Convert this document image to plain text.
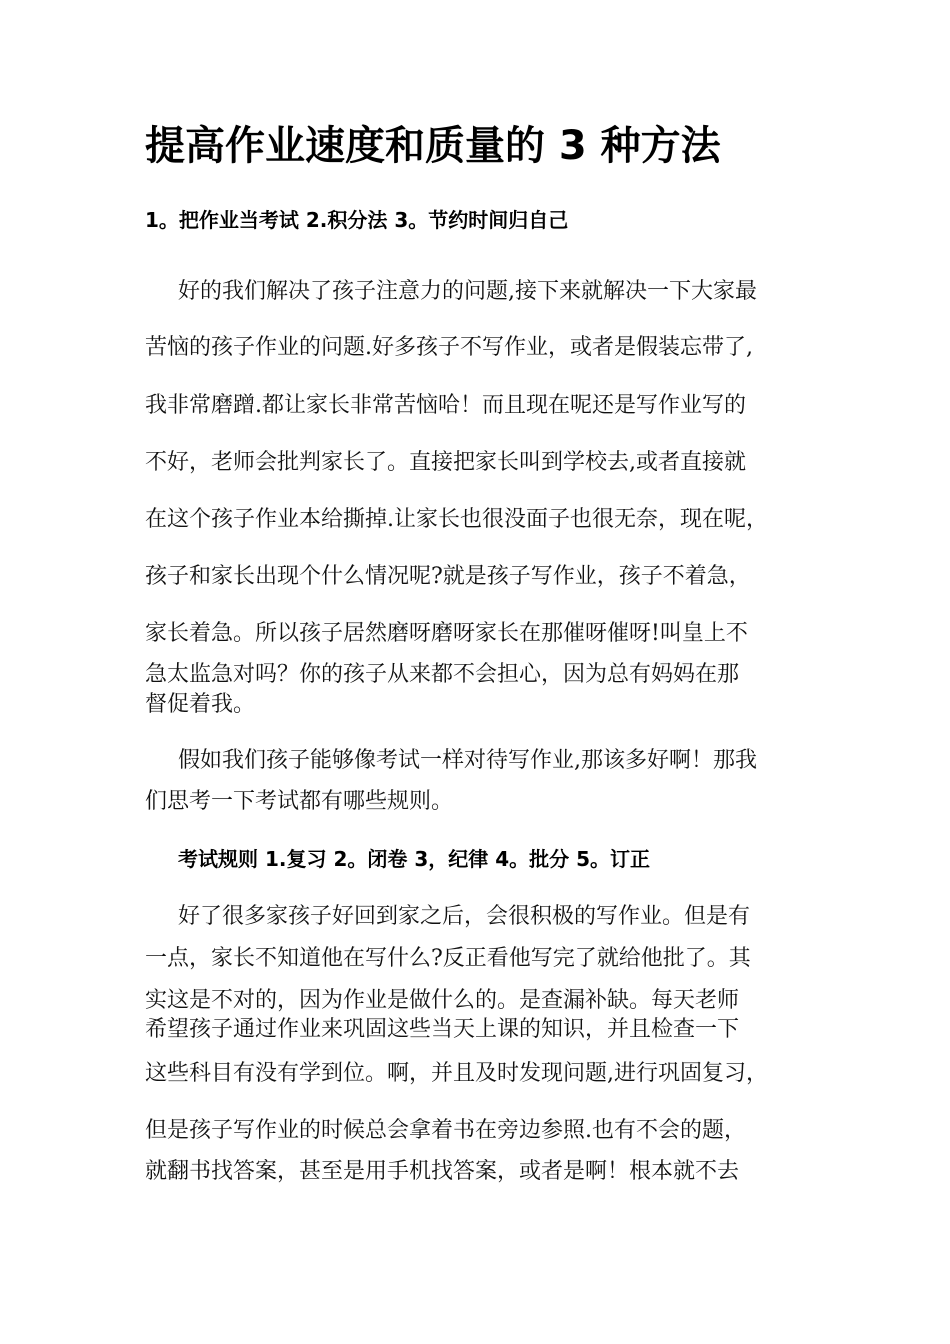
提高作业速度和质量的 3 种方法

1。把作业当考试 2.积分法 3。节约时间归自己

好的我们解决了孩子注意力的问题,接下来就解决一下大家最

苦恼的孩子作业的问题.好多孩子不写作业，或者是假装忘带了,

我非常磨蹭.都让家长非常苦恼哈！而且现在呢还是写作业写的

不好，老师会批判家长了。直接把家长叫到学校去,或者直接就

在这个孩子作业本给撕掉.让家长也很没面子也很无奈，现在呢，

孩子和家长出现个什么情况呢?就是孩子写作业，孩子不着急，

家长着急。所以孩子居然磨呀磨呀家长在那催呀催呀!叫皇上不

急太监急对吗？你的孩子从来都不会担心，因为总有妈妈在那

督促着我。

假如我们孩子能够像考试一样对待写作业,那该多好啊！那我

们思考一下考试都有哪些规则。

考试规则 1.复习 2。闭卷 3，纪律 4。批分 5。订正

好了很多家孩子好回到家之后，会很积极的写作业。但是有

一点，家长不知道他在写什么?反正看他写完了就给他批了。其

实这是不对的，因为作业是做什么的。是查漏补缺。每天老师

希望孩子通过作业来巩固这些当天上课的知识，并且检查一下

这些科目有没有学到位。啊，并且及时发现问题,进行巩固复习，

但是孩子写作业的时候总会拿着书在旁边参照.也有不会的题，

就翻书找答案，甚至是用手机找答案，或者是啊！根本就不去
